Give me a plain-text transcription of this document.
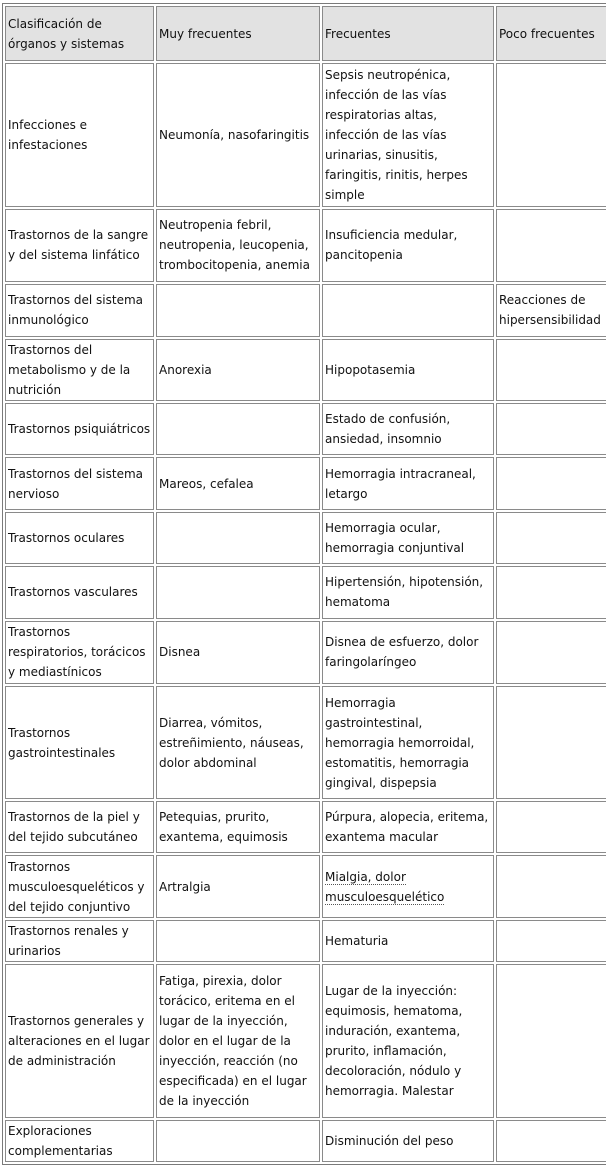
Clasificación de órganos y sistemas	Muy frecuentes	Frecuentes	Poco frecuentes
Infecciones e infestaciones	Neumonía, nasofaringitis	Sepsis neutropénica, infección de las vías respiratorias altas, infección de las vías urinarias, sinusitis, faringitis, rinitis, herpes simple	
Trastornos de la sangre y del sistema linfático	Neutropenia febril, neutropenia, leucopenia, trombocitopenia, anemia	Insuficiencia medular, pancitopenia	
Trastornos del sistema inmunológico			Reacciones de hipersensibilidad
Trastornos del metabolismo y de la nutrición	Anorexia	Hipopotasemia	
Trastornos psiquiátricos		Estado de confusión, ansiedad, insomnio	
Trastornos del sistema nervioso	Mareos, cefalea	Hemorragia intracraneal, letargo	
Trastornos oculares		Hemorragia ocular, hemorragia conjuntival	
Trastornos vasculares		Hipertensión, hipotensión, hematoma	
Trastornos respiratorios, torácicos y mediastínicos	Disnea	Disnea de esfuerzo, dolor faringolaríngeo	
Trastornos gastrointestinales	Diarrea, vómitos, estreñimiento, náuseas, dolor abdominal	Hemorragia gastrointestinal, hemorragia hemorroidal, estomatitis, hemorragia gingival, dispepsia	
Trastornos de la piel y del tejido subcutáneo	Petequias, prurito, exantema, equimosis	Púrpura, alopecia, eritema, exantema macular	
Trastornos musculoesqueléticos y del tejido conjuntivo	Artralgia	Mialgia, dolor musculoesquelético	
Trastornos renales y urinarios		Hematuria	
Trastornos generales y alteraciones en el lugar de administración	Fatiga, pirexia, dolor torácico, eritema en el lugar de la inyección, dolor en el lugar de la inyección, reacción (no especificada) en el lugar de la inyección	Lugar de la inyección: equimosis, hematoma, induración, exantema, prurito, inflamación, decoloración, nódulo y hemorragia. Malestar	
Exploraciones complementarias		Disminución del peso	
